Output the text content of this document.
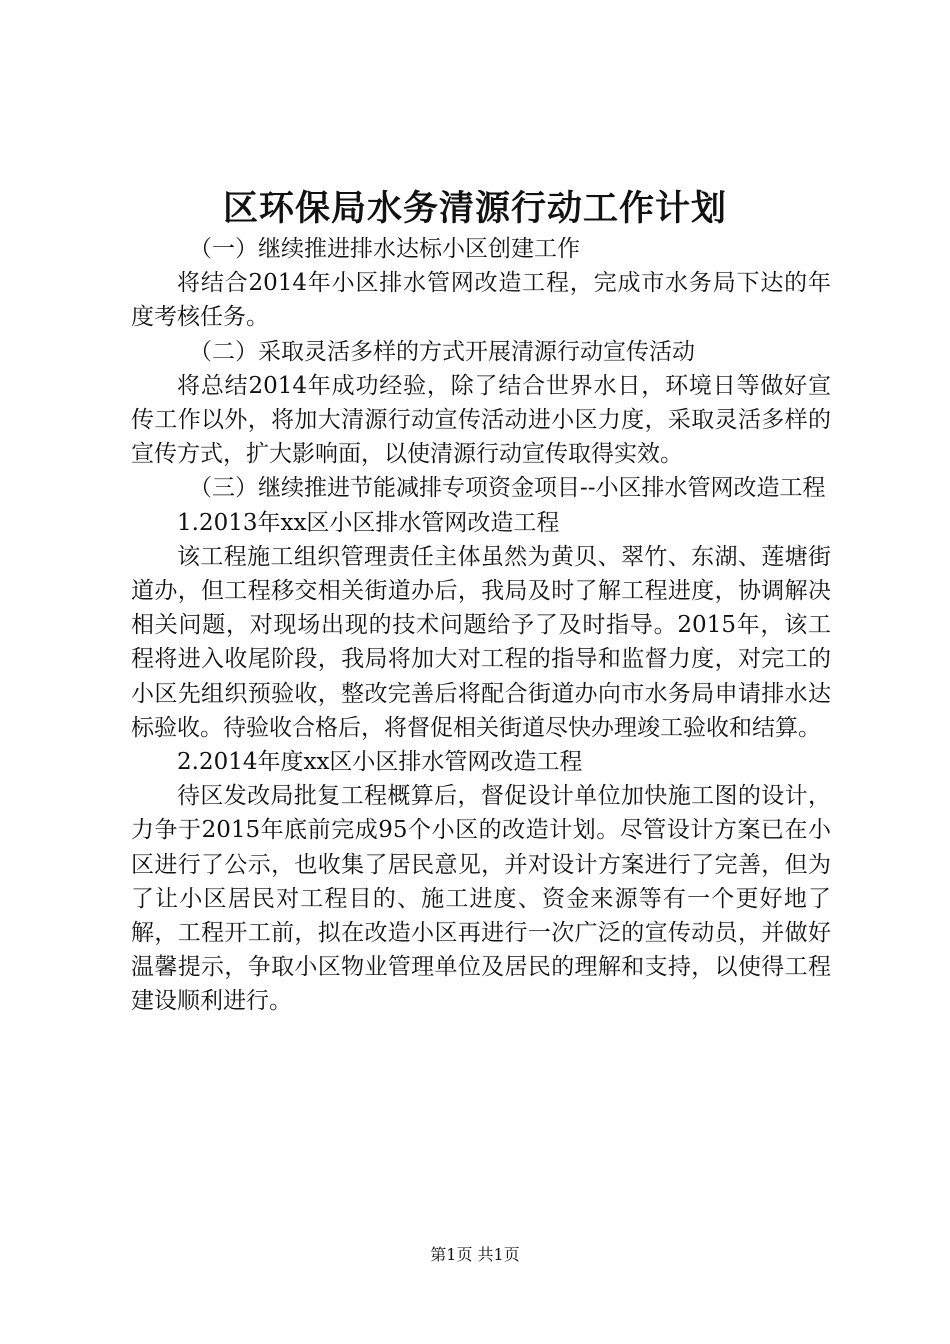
区环保局水务清源行动工作计划

（一）继续推进排水达标小区创建工作

将结合2014年小区排水管网改造工程，完成市水务局下达的年度考核任务。

（二）采取灵活多样的方式开展清源行动宣传活动

将总结2014年成功经验，除了结合世界水日，环境日等做好宣传工作以外，将加大清源行动宣传活动进小区力度，采取灵活多样的宣传方式，扩大影响面，以使清源行动宣传取得实效。

（三）继续推进节能减排专项资金项目--小区排水管网改造工程

1.2013年xx区小区排水管网改造工程

该工程施工组织管理责任主体虽然为黄贝、翠竹、东湖、莲塘街道办，但工程移交相关街道办后，我局及时了解工程进度，协调解决相关问题，对现场出现的技术问题给予了及时指导。2015年，该工程将进入收尾阶段，我局将加大对工程的指导和监督力度，对完工的小区先组织预验收，整改完善后将配合街道办向市水务局申请排水达标验收。待验收合格后，将督促相关街道尽快办理竣工验收和结算。

2.2014年度xx区小区排水管网改造工程

待区发改局批复工程概算后，督促设计单位加快施工图的设计，力争于2015年底前完成95个小区的改造计划。尽管设计方案已在小区进行了公示，也收集了居民意见，并对设计方案进行了完善，但为了让小区居民对工程目的、施工进度、资金来源等有一个更好地了解，工程开工前，拟在改造小区再进行一次广泛的宣传动员，并做好温馨提示，争取小区物业管理单位及居民的理解和支持，以使得工程建设顺利进行。

第1页 共1页
